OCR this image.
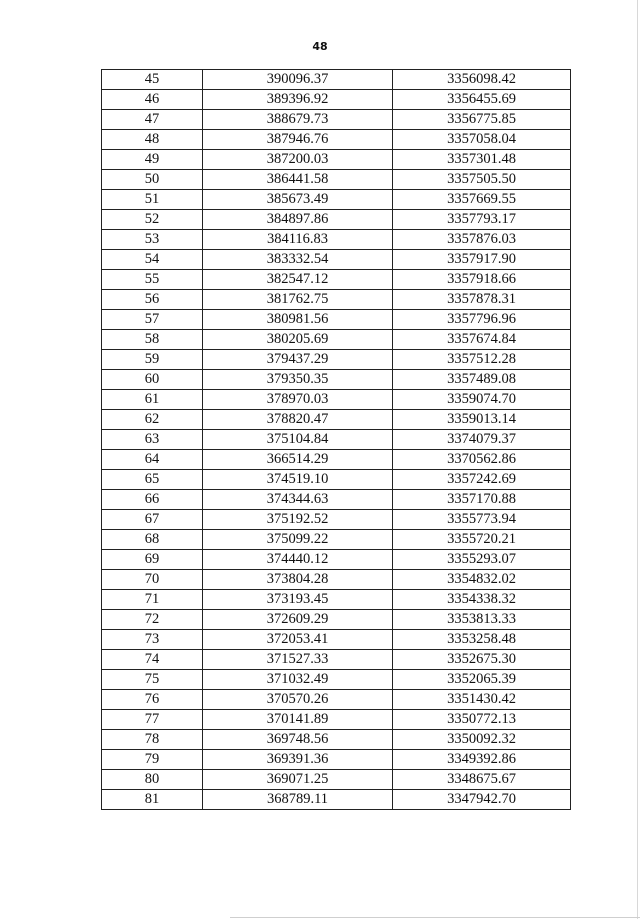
48
45	390096.37	3356098.42
46	389396.92	3356455.69
47	388679.73	3356775.85
48	387946.76	3357058.04
49	387200.03	3357301.48
50	386441.58	3357505.50
51	385673.49	3357669.55
52	384897.86	3357793.17
53	384116.83	3357876.03
54	383332.54	3357917.90
55	382547.12	3357918.66
56	381762.75	3357878.31
57	380981.56	3357796.96
58	380205.69	3357674.84
59	379437.29	3357512.28
60	379350.35	3357489.08
61	378970.03	3359074.70
62	378820.47	3359013.14
63	375104.84	3374079.37
64	366514.29	3370562.86
65	374519.10	3357242.69
66	374344.63	3357170.88
67	375192.52	3355773.94
68	375099.22	3355720.21
69	374440.12	3355293.07
70	373804.28	3354832.02
71	373193.45	3354338.32
72	372609.29	3353813.33
73	372053.41	3353258.48
74	371527.33	3352675.30
75	371032.49	3352065.39
76	370570.26	3351430.42
77	370141.89	3350772.13
78	369748.56	3350092.32
79	369391.36	3349392.86
80	369071.25	3348675.67
81	368789.11	3347942.70
